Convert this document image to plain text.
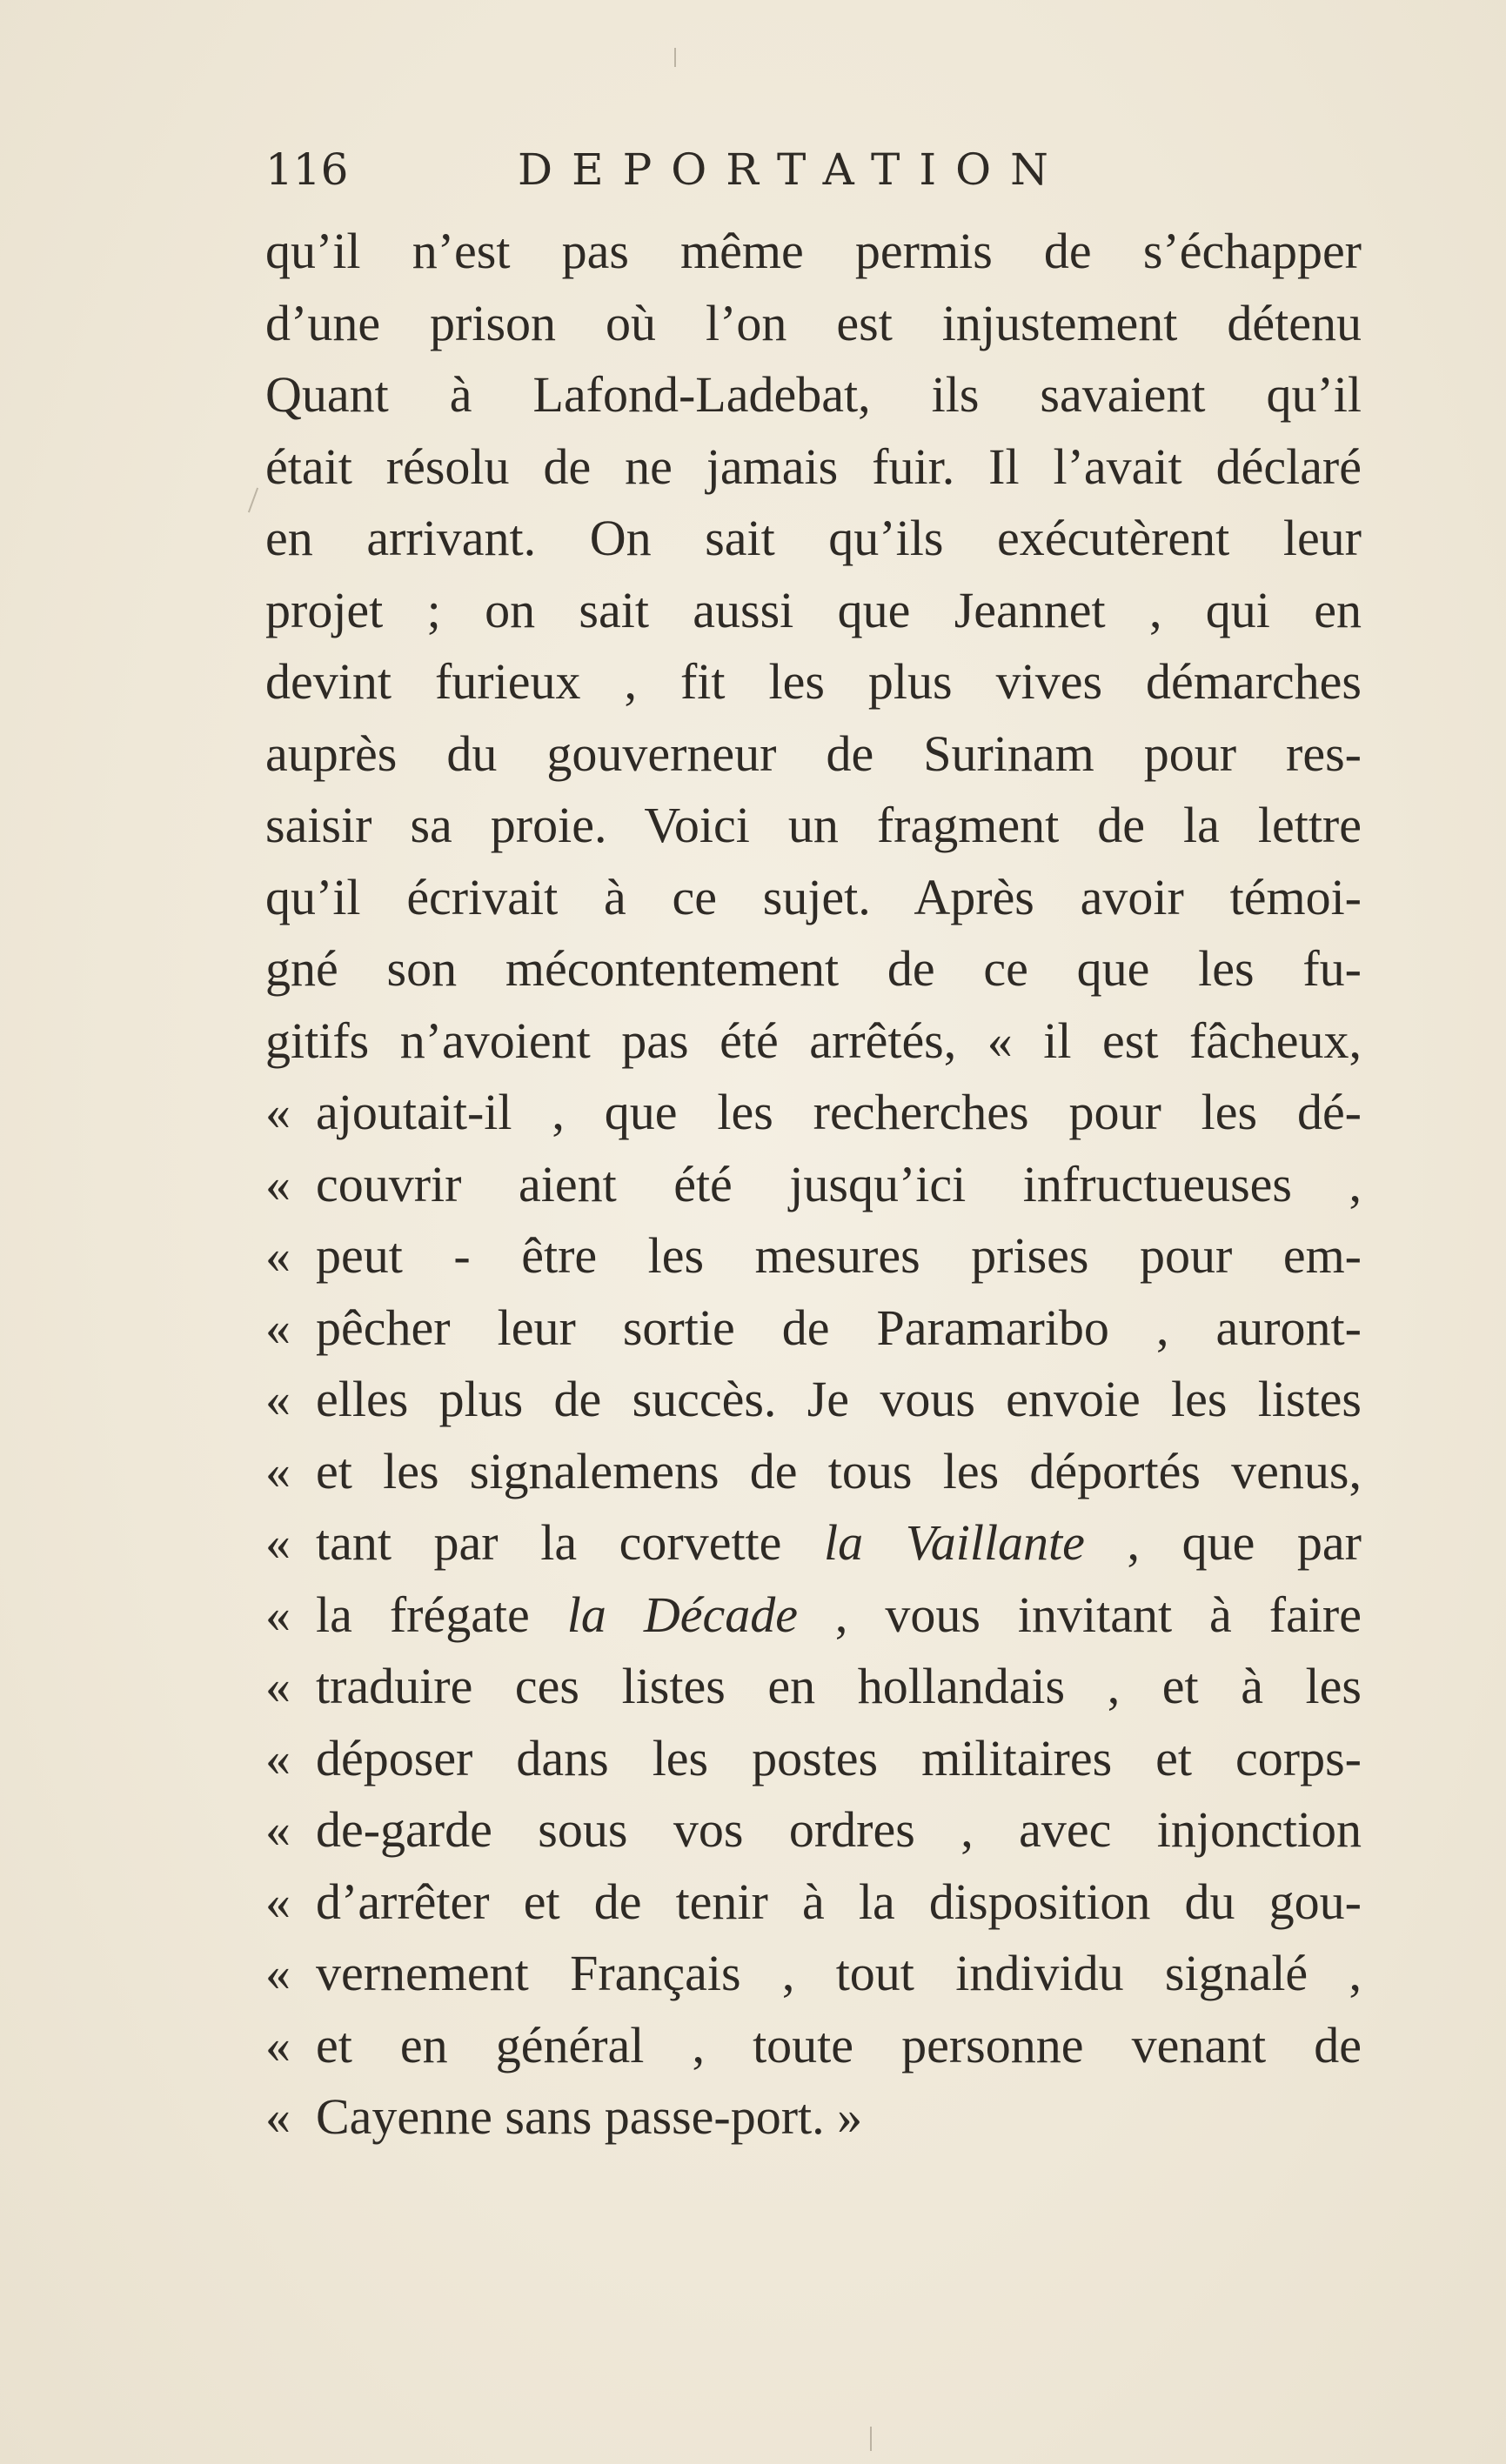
116	DEPORTATION
qu’il n’est pas même permis de s’échapper
d’une prison où l’on est injustement détenu
Quant à Lafond-Ladebat, ils savaient qu’il
était résolu de ne jamais fuir. Il l’avait déclaré
en arrivant. On sait qu’ils exécutèrent leur
projet ; on sait aussi que Jeannet , qui en
devint furieux , fit les plus vives démarches
auprès du gouverneur de Surinam pour res-
saisir sa proie. Voici un fragment de la lettre
qu’il écrivait à ce sujet. Après avoir témoi-
gné son mécontentement de ce que les fu-
gitifs n’avoient pas été arrêtés, « il est fâcheux,
« ajoutait-il , que les recherches pour les dé-
« couvrir aient été jusqu’ici infructueuses ,
« peut - être les mesures prises pour em-
« pêcher leur sortie de Paramaribo , auront-
« elles plus de succès. Je vous envoie les listes
« et les signalemens de tous les déportés venus,
« tant par la corvette la Vaillante , que par
« la frégate la Décade , vous invitant à faire
« traduire ces listes en hollandais , et à les
« déposer dans les postes militaires et corps-
« de-garde sous vos ordres , avec injonction
« d’arrêter et de tenir à la disposition du gou-
« vernement Français , tout individu signalé ,
« et en général , toute personne venant de
« Cayenne sans passe-port. »
